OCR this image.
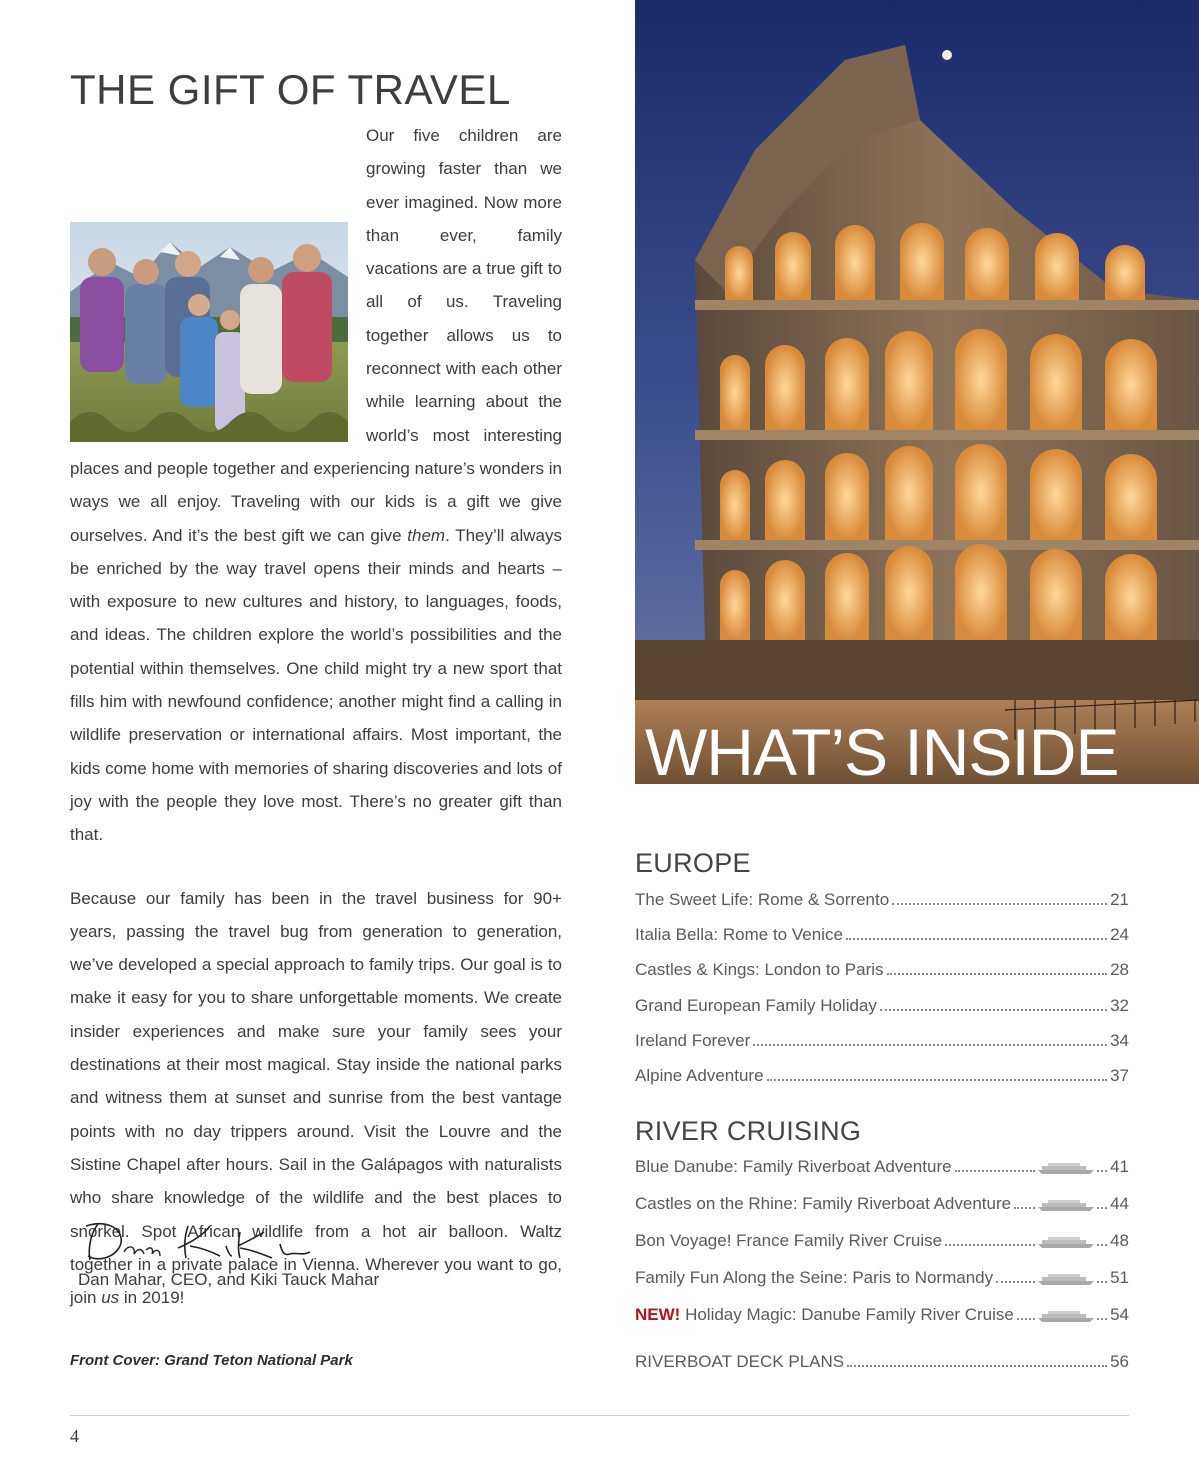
THE GIFT OF TRAVEL

Our five children are growing faster than we ever imagined. Now more than ever, family vacations are a true gift to all of us. Traveling together allows us to reconnect with each other while learning about the world’s most interesting places and people together and experiencing nature’s wonders in ways we all enjoy. Traveling with our kids is a gift we give ourselves. And it’s the best gift we can give them. They’ll always be enriched by the way travel opens their minds and hearts – with exposure to new cultures and history, to languages, foods, and ideas. The children explore the world’s possibilities and the potential within themselves. One child might try a new sport that fills him with newfound confidence; another might find a calling in wildlife preservation or international affairs. Most important, the kids come home with memories of sharing discoveries and lots of joy with the people they love most. There’s no greater gift than that.

Because our family has been in the travel business for 90+ years, passing the travel bug from generation to generation, we’ve developed a special approach to family trips. Our goal is to make it easy for you to share unforgettable moments. We create insider experiences and make sure your family sees your destinations at their most magical. Stay inside the national parks and witness them at sunset and sunrise from the best vantage points with no day trippers around. Visit the Louvre and the Sistine Chapel after hours. Sail in the Galápagos with naturalists who share knowledge of the wildlife and the best places to snorkel. Spot African wildlife from a hot air balloon. Waltz together in a private palace in Vienna. Wherever you want to go, join us in 2019!

Dan Mahar, CEO, and Kiki Tauck Mahar
Front Cover: Grand Teton National Park
WHAT’S INSIDE
EUROPE
The Sweet Life: Rome & Sorrento	21
Italia Bella: Rome to Venice	24
Castles & Kings: London to Paris	28
Grand European Family Holiday	32
Ireland Forever	34
Alpine Adventure	37
RIVER CRUISING
Blue Danube: Family Riverboat Adventure	41
Castles on the Rhine: Family Riverboat Adventure	44
Bon Voyage! France Family River Cruise	48
Family Fun Along the Seine: Paris to Normandy	51
NEW! Holiday Magic: Danube Family River Cruise	54
RIVERBOAT DECK PLANS	56
4
